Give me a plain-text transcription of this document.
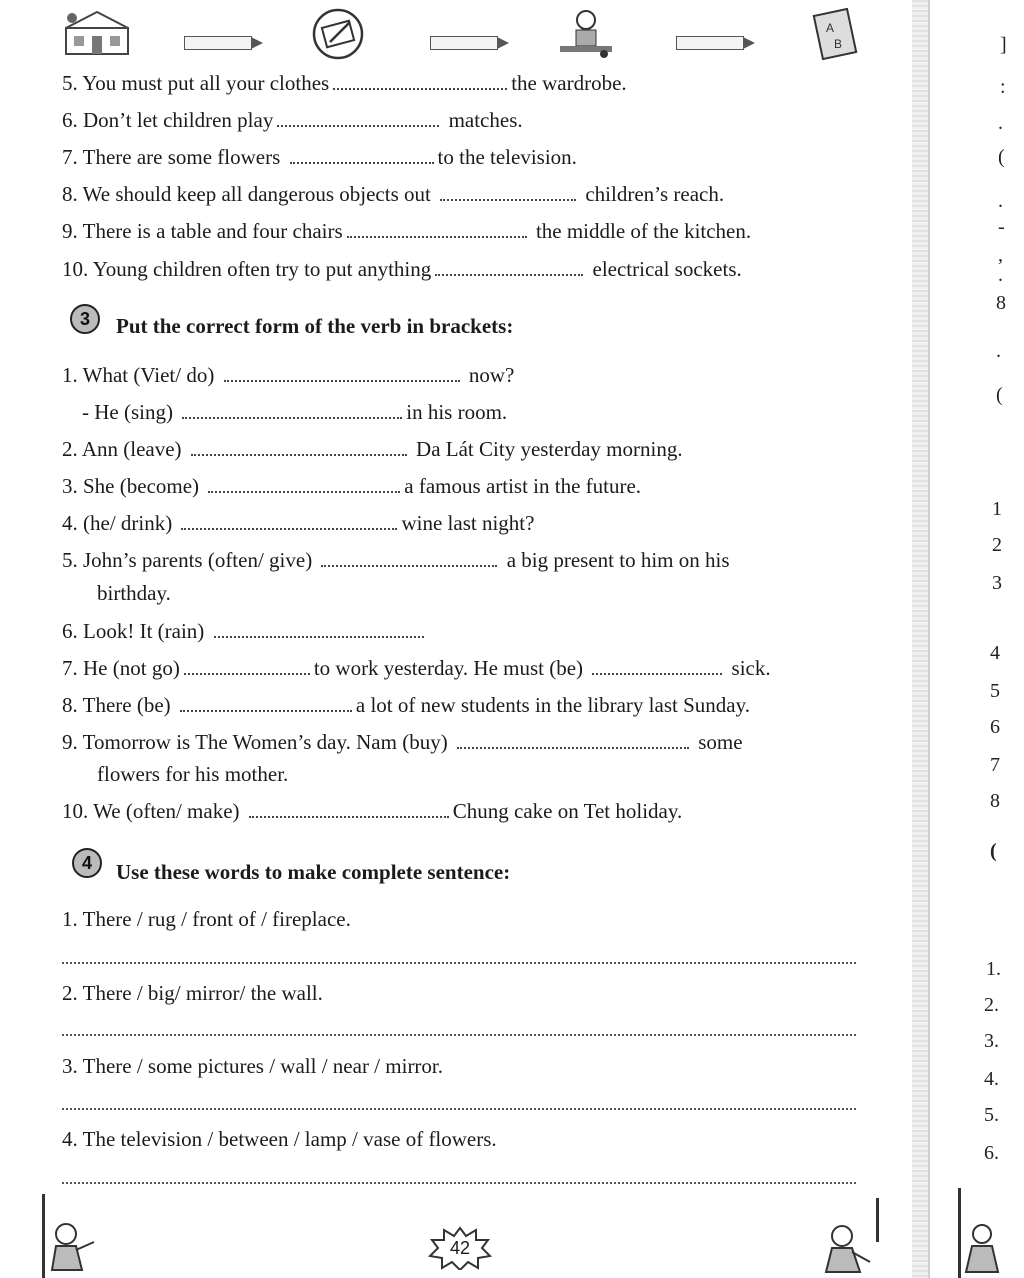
A
B
5. You must put all your clothes	the wardrobe.
6. Don’t let children play	matches.
7. There are some flowers	to the television.
8. We should keep all dangerous objects out	children’s reach.
9. There is a table and four chairs	the middle of the kitchen.
10. Young children often try to put anything	electrical sockets.
3	Put the correct form of the verb in brackets:
1. What (Viet/ do)	now?
- He (sing)	in his room.
2. Ann (leave)	Da Lát City yesterday morning.
3. She (become)	a famous artist in the future.
4. (he/ drink)	wine last night?
5. John’s parents (often/ give)	a big present to him on his
birthday.
6. Look! It (rain)
7. He (not go)	to work yesterday. He must (be)	sick.
8. There (be)	a lot of new students in the library last Sunday.
9. Tomorrow is The Women’s day. Nam (buy)	some
flowers for his mother.
10. We (often/ make)	Chung cake on Tet holiday.
4	Use these words to make complete sentence:
1. There / rug / front of / fireplace.
2. There / big/ mirror/ the wall.
3. There / some pictures / wall / near / mirror.
4. The television / between / lamp / vase of flowers.
]
:
.
(
.
-
,
.
8
.
(
1
2
3
4
5
6
7
8
(
1.
2.
3.
4.
5.
6.
42
